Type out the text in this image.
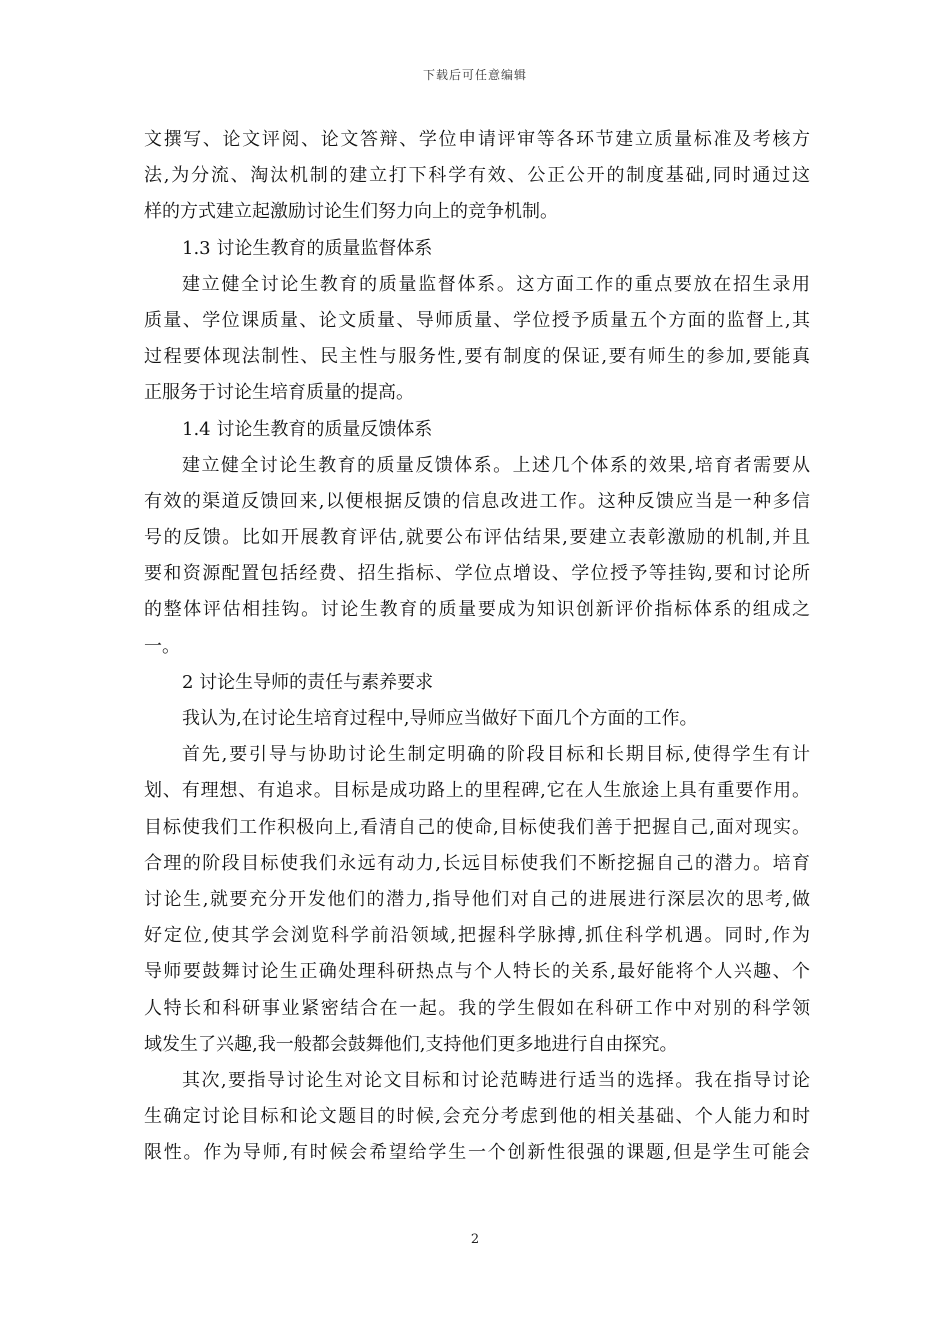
下载后可任意编辑
文撰写、论文评阅、论文答辩、学位申请评审等各环节建立质量标准及考核方
法,为分流、淘汰机制的建立打下科学有效、公正公开的制度基础,同时通过这
样的方式建立起激励讨论生们努力向上的竞争机制。
1.3 讨论生教育的质量监督体系
建立健全讨论生教育的质量监督体系。这方面工作的重点要放在招生录用
质量、学位课质量、论文质量、导师质量、学位授予质量五个方面的监督上,其
过程要体现法制性、民主性与服务性,要有制度的保证,要有师生的参加,要能真
正服务于讨论生培育质量的提高。
1.4 讨论生教育的质量反馈体系
建立健全讨论生教育的质量反馈体系。上述几个体系的效果,培育者需要从
有效的渠道反馈回来,以便根据反馈的信息改进工作。这种反馈应当是一种多信
号的反馈。比如开展教育评估,就要公布评估结果,要建立表彰激励的机制,并且
要和资源配置包括经费、招生指标、学位点增设、学位授予等挂钩,要和讨论所
的整体评估相挂钩。讨论生教育的质量要成为知识创新评价指标体系的组成之
一。
2 讨论生导师的责任与素养要求
我认为,在讨论生培育过程中,导师应当做好下面几个方面的工作。
首先,要引导与协助讨论生制定明确的阶段目标和长期目标,使得学生有计
划、有理想、有追求。目标是成功路上的里程碑,它在人生旅途上具有重要作用。
目标使我们工作积极向上,看清自己的使命,目标使我们善于把握自己,面对现实。
合理的阶段目标使我们永远有动力,长远目标使我们不断挖掘自己的潜力。培育
讨论生,就要充分开发他们的潜力,指导他们对自己的进展进行深层次的思考,做
好定位,使其学会浏览科学前沿领域,把握科学脉搏,抓住科学机遇。同时,作为
导师要鼓舞讨论生正确处理科研热点与个人特长的关系,最好能将个人兴趣、个
人特长和科研事业紧密结合在一起。我的学生假如在科研工作中对别的科学领
域发生了兴趣,我一般都会鼓舞他们,支持他们更多地进行自由探究。
其次,要指导讨论生对论文目标和讨论范畴进行适当的选择。我在指导讨论
生确定讨论目标和论文题目的时候,会充分考虑到他的相关基础、个人能力和时
限性。作为导师,有时候会希望给学生一个创新性很强的课题,但是学生可能会
2
